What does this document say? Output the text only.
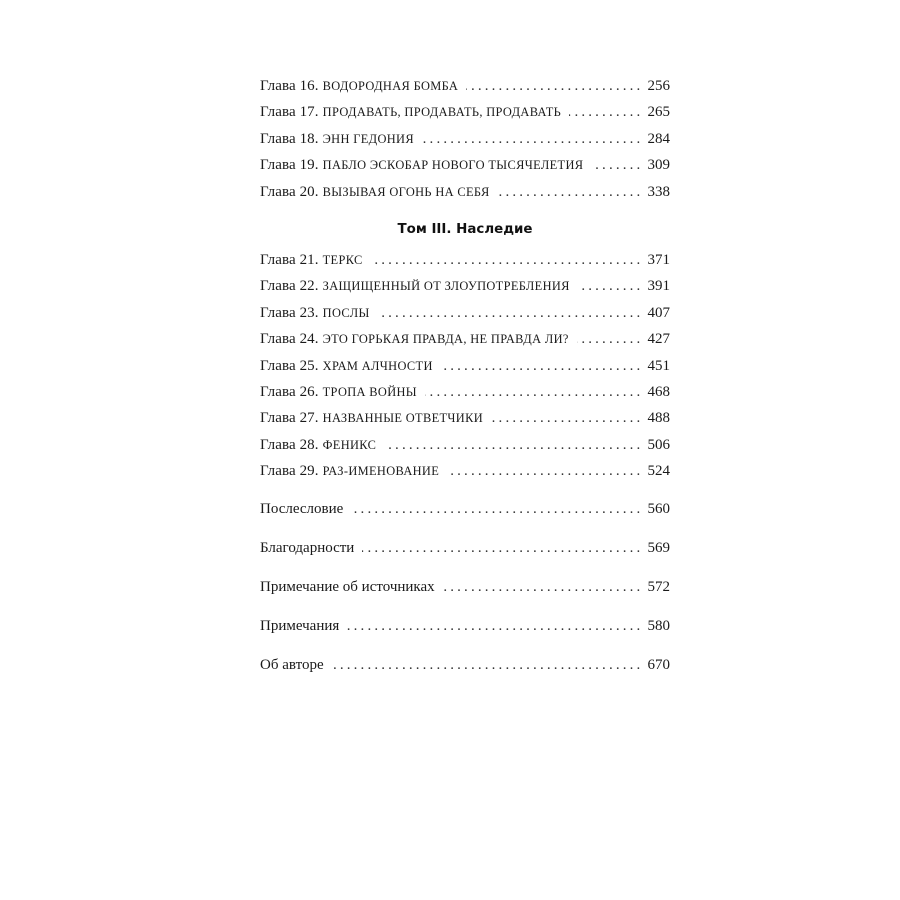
Глава 16. ВОДОРОДНАЯ БОМБА . . .	256
Глава 17. ПРОДАВАТЬ, ПРОДАВАТЬ, ПРОДАВАТЬ . . .	265
Глава 18. ЭНН ГЕДОНИЯ . . .	284
Глава 19. ПАБЛО ЭСКОБАР НОВОГО ТЫСЯЧЕЛЕТИЯ . . .	309
Глава 20. ВЫЗЫВАЯ ОГОНЬ НА СЕБЯ . . .	338
Том III. Наследие
Глава 21. ТЕРКС . . .	371
Глава 22. ЗАЩИЩЕННЫЙ ОТ ЗЛОУПОТРЕБЛЕНИЯ . . .	391
Глава 23. ПОСЛЫ . . .	407
Глава 24. ЭТО ГОРЬКАЯ ПРАВДА, НЕ ПРАВДА ЛИ? . . .	427
Глава 25. ХРАМ АЛЧНОСТИ . . .	451
Глава 26. ТРОПА ВОЙНЫ . . .	468
Глава 27. НАЗВАННЫЕ ОТВЕТЧИКИ . . .	488
Глава 28. ФЕНИКС . . .	506
Глава 29. РАЗ-ИМЕНОВАНИЕ . . .	524
Послесловие . . .	560
Благодарности . . .	569
Примечание об источниках . . .	572
Примечания . . .	580
Об авторе . . .	670
